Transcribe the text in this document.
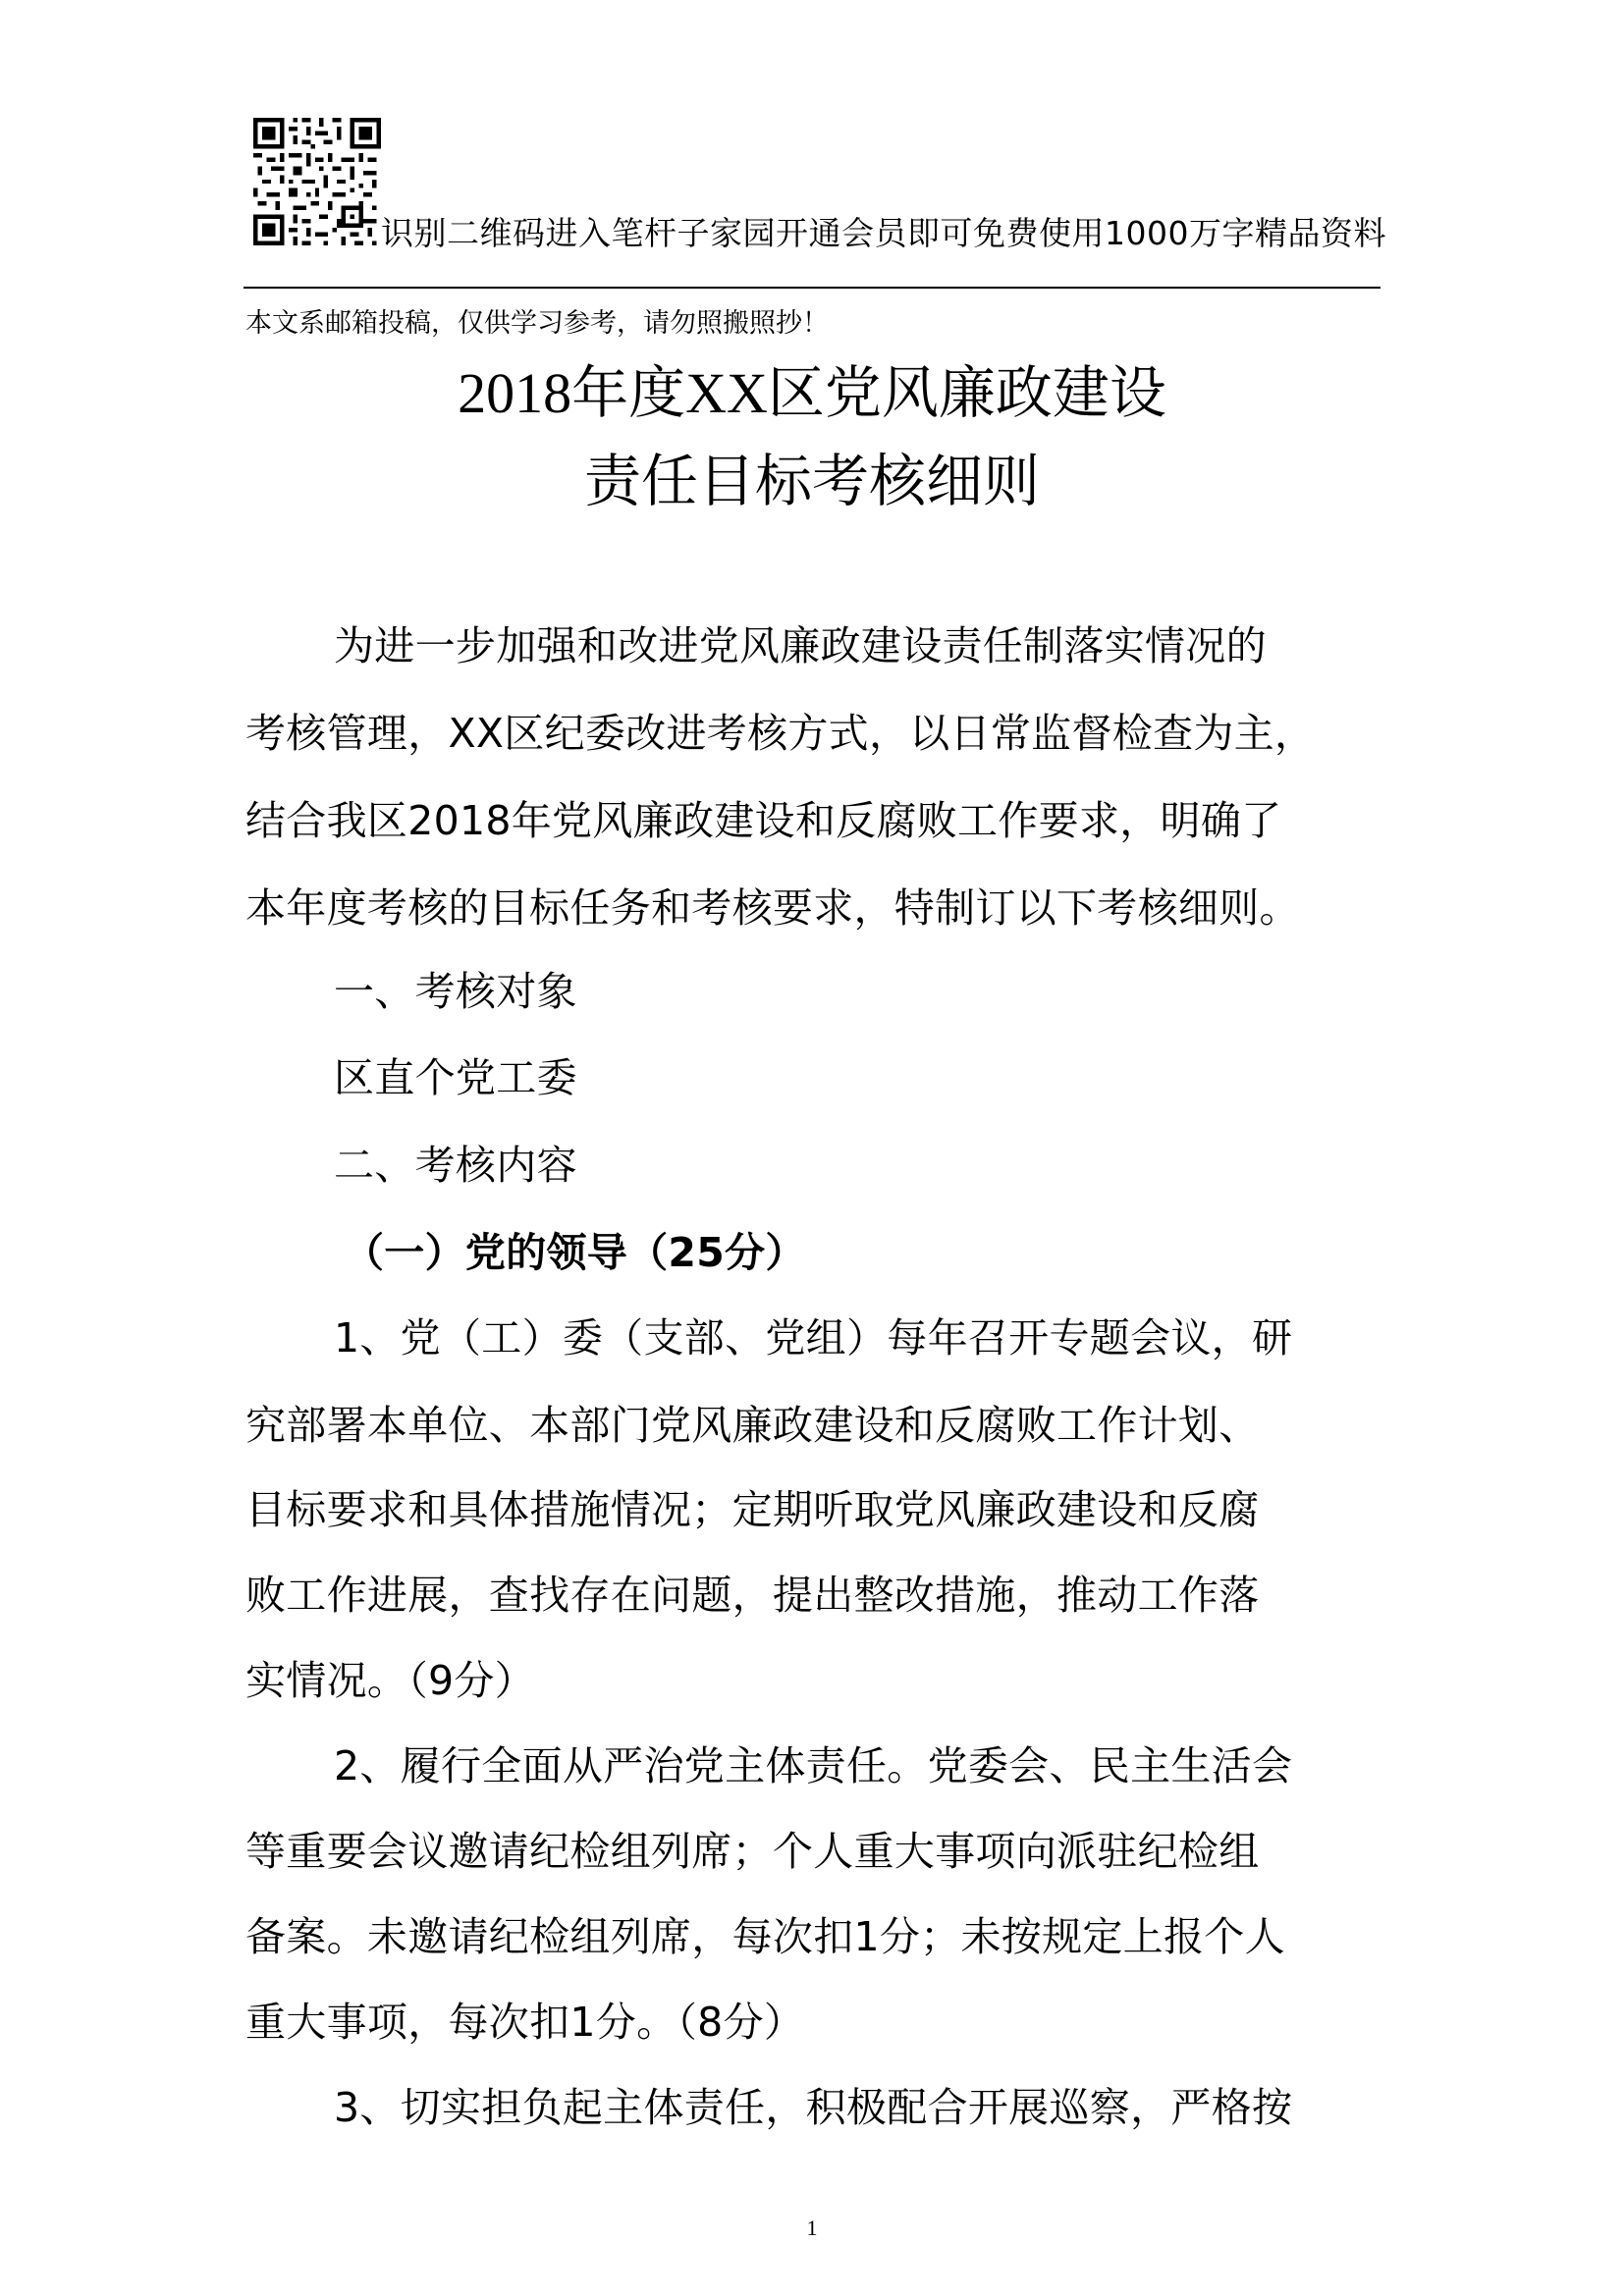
识别二维码进入笔杆子家园开通会员即可免费使用1000万字精品资料
本文系邮箱投稿，仅供学习参考，请勿照搬照抄！
2018年度XX区党风廉政建设
责任目标考核细则
为进一步加强和改进党风廉政建设责任制落实情况的
考核管理，XX区纪委改进考核方式，以日常监督检查为主，
结合我区2018年党风廉政建设和反腐败工作要求，明确了
本年度考核的目标任务和考核要求，特制订以下考核细则。
一、考核对象
区直个党工委
二、考核内容
（一）党的领导（25分）
1、党（工）委（支部、党组）每年召开专题会议，研
究部署本单位、本部门党风廉政建设和反腐败工作计划、
目标要求和具体措施情况；定期听取党风廉政建设和反腐
败工作进展，查找存在问题，提出整改措施，推动工作落
实情况。（9分）
2、履行全面从严治党主体责任。党委会、民主生活会
等重要会议邀请纪检组列席；个人重大事项向派驻纪检组
备案。未邀请纪检组列席，每次扣1分；未按规定上报个人
重大事项，每次扣1分。（8分）
3、切实担负起主体责任，积极配合开展巡察，严格按
1
